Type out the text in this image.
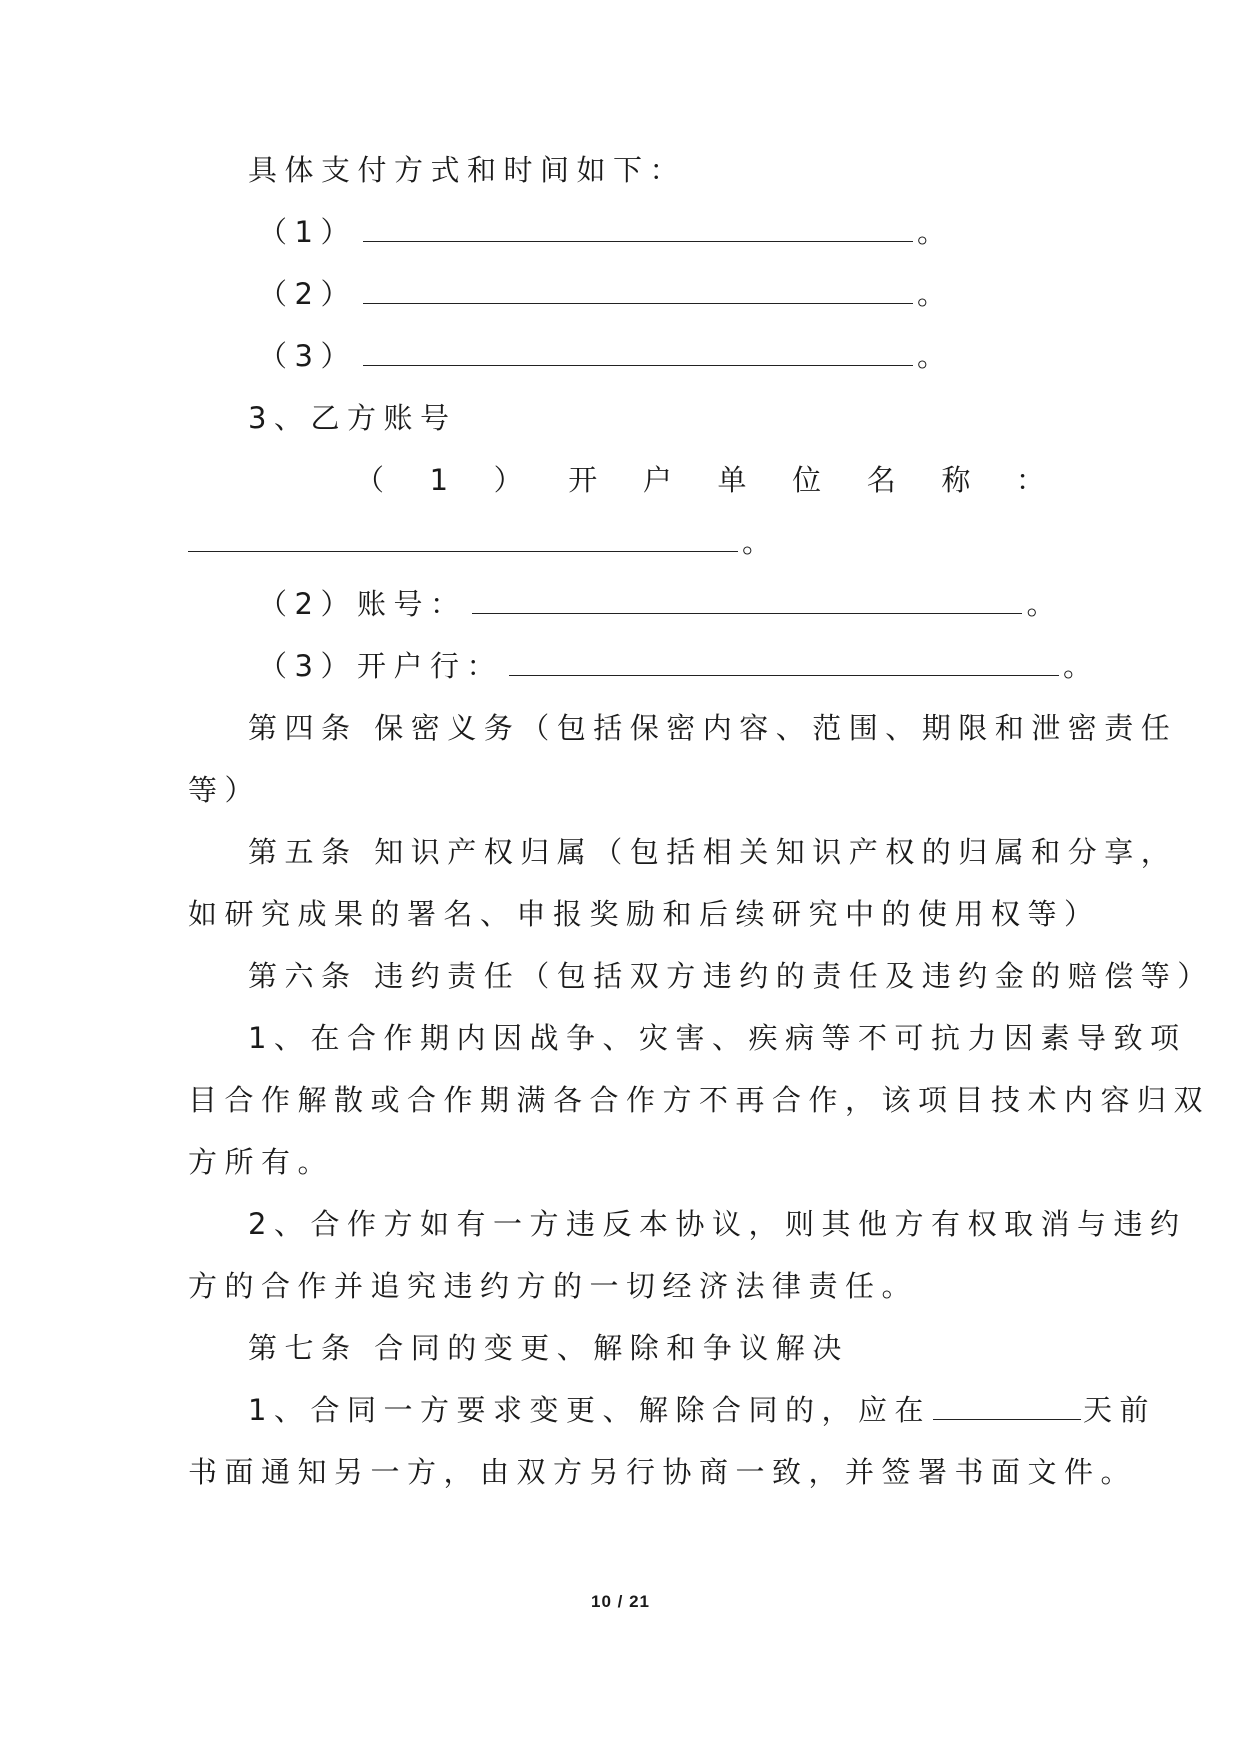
具体支付方式和时间如下：
（1）	。
（2）	。
（3）	。
3、乙方账号
（ 1 ） 开 户 单 位 名 称 ：
。
（2）账号：	。
（3）开户行：	。
第四条 保密义务（包括保密内容、范围、期限和泄密责任
等）
第五条 知识产权归属（包括相关知识产权的归属和分享，
如研究成果的署名、申报奖励和后续研究中的使用权等）
第六条 违约责任（包括双方违约的责任及违约金的赔偿等）
1、在合作期内因战争、灾害、疾病等不可抗力因素导致项
目合作解散或合作期满各合作方不再合作，该项目技术内容归双
方所有。
2、合作方如有一方违反本协议，则其他方有权取消与违约
方的合作并追究违约方的一切经济法律责任。
第七条 合同的变更、解除和争议解决
1、合同一方要求变更、解除合同的，应在	天前
书面通知另一方，由双方另行协商一致，并签署书面文件。
10 / 21
